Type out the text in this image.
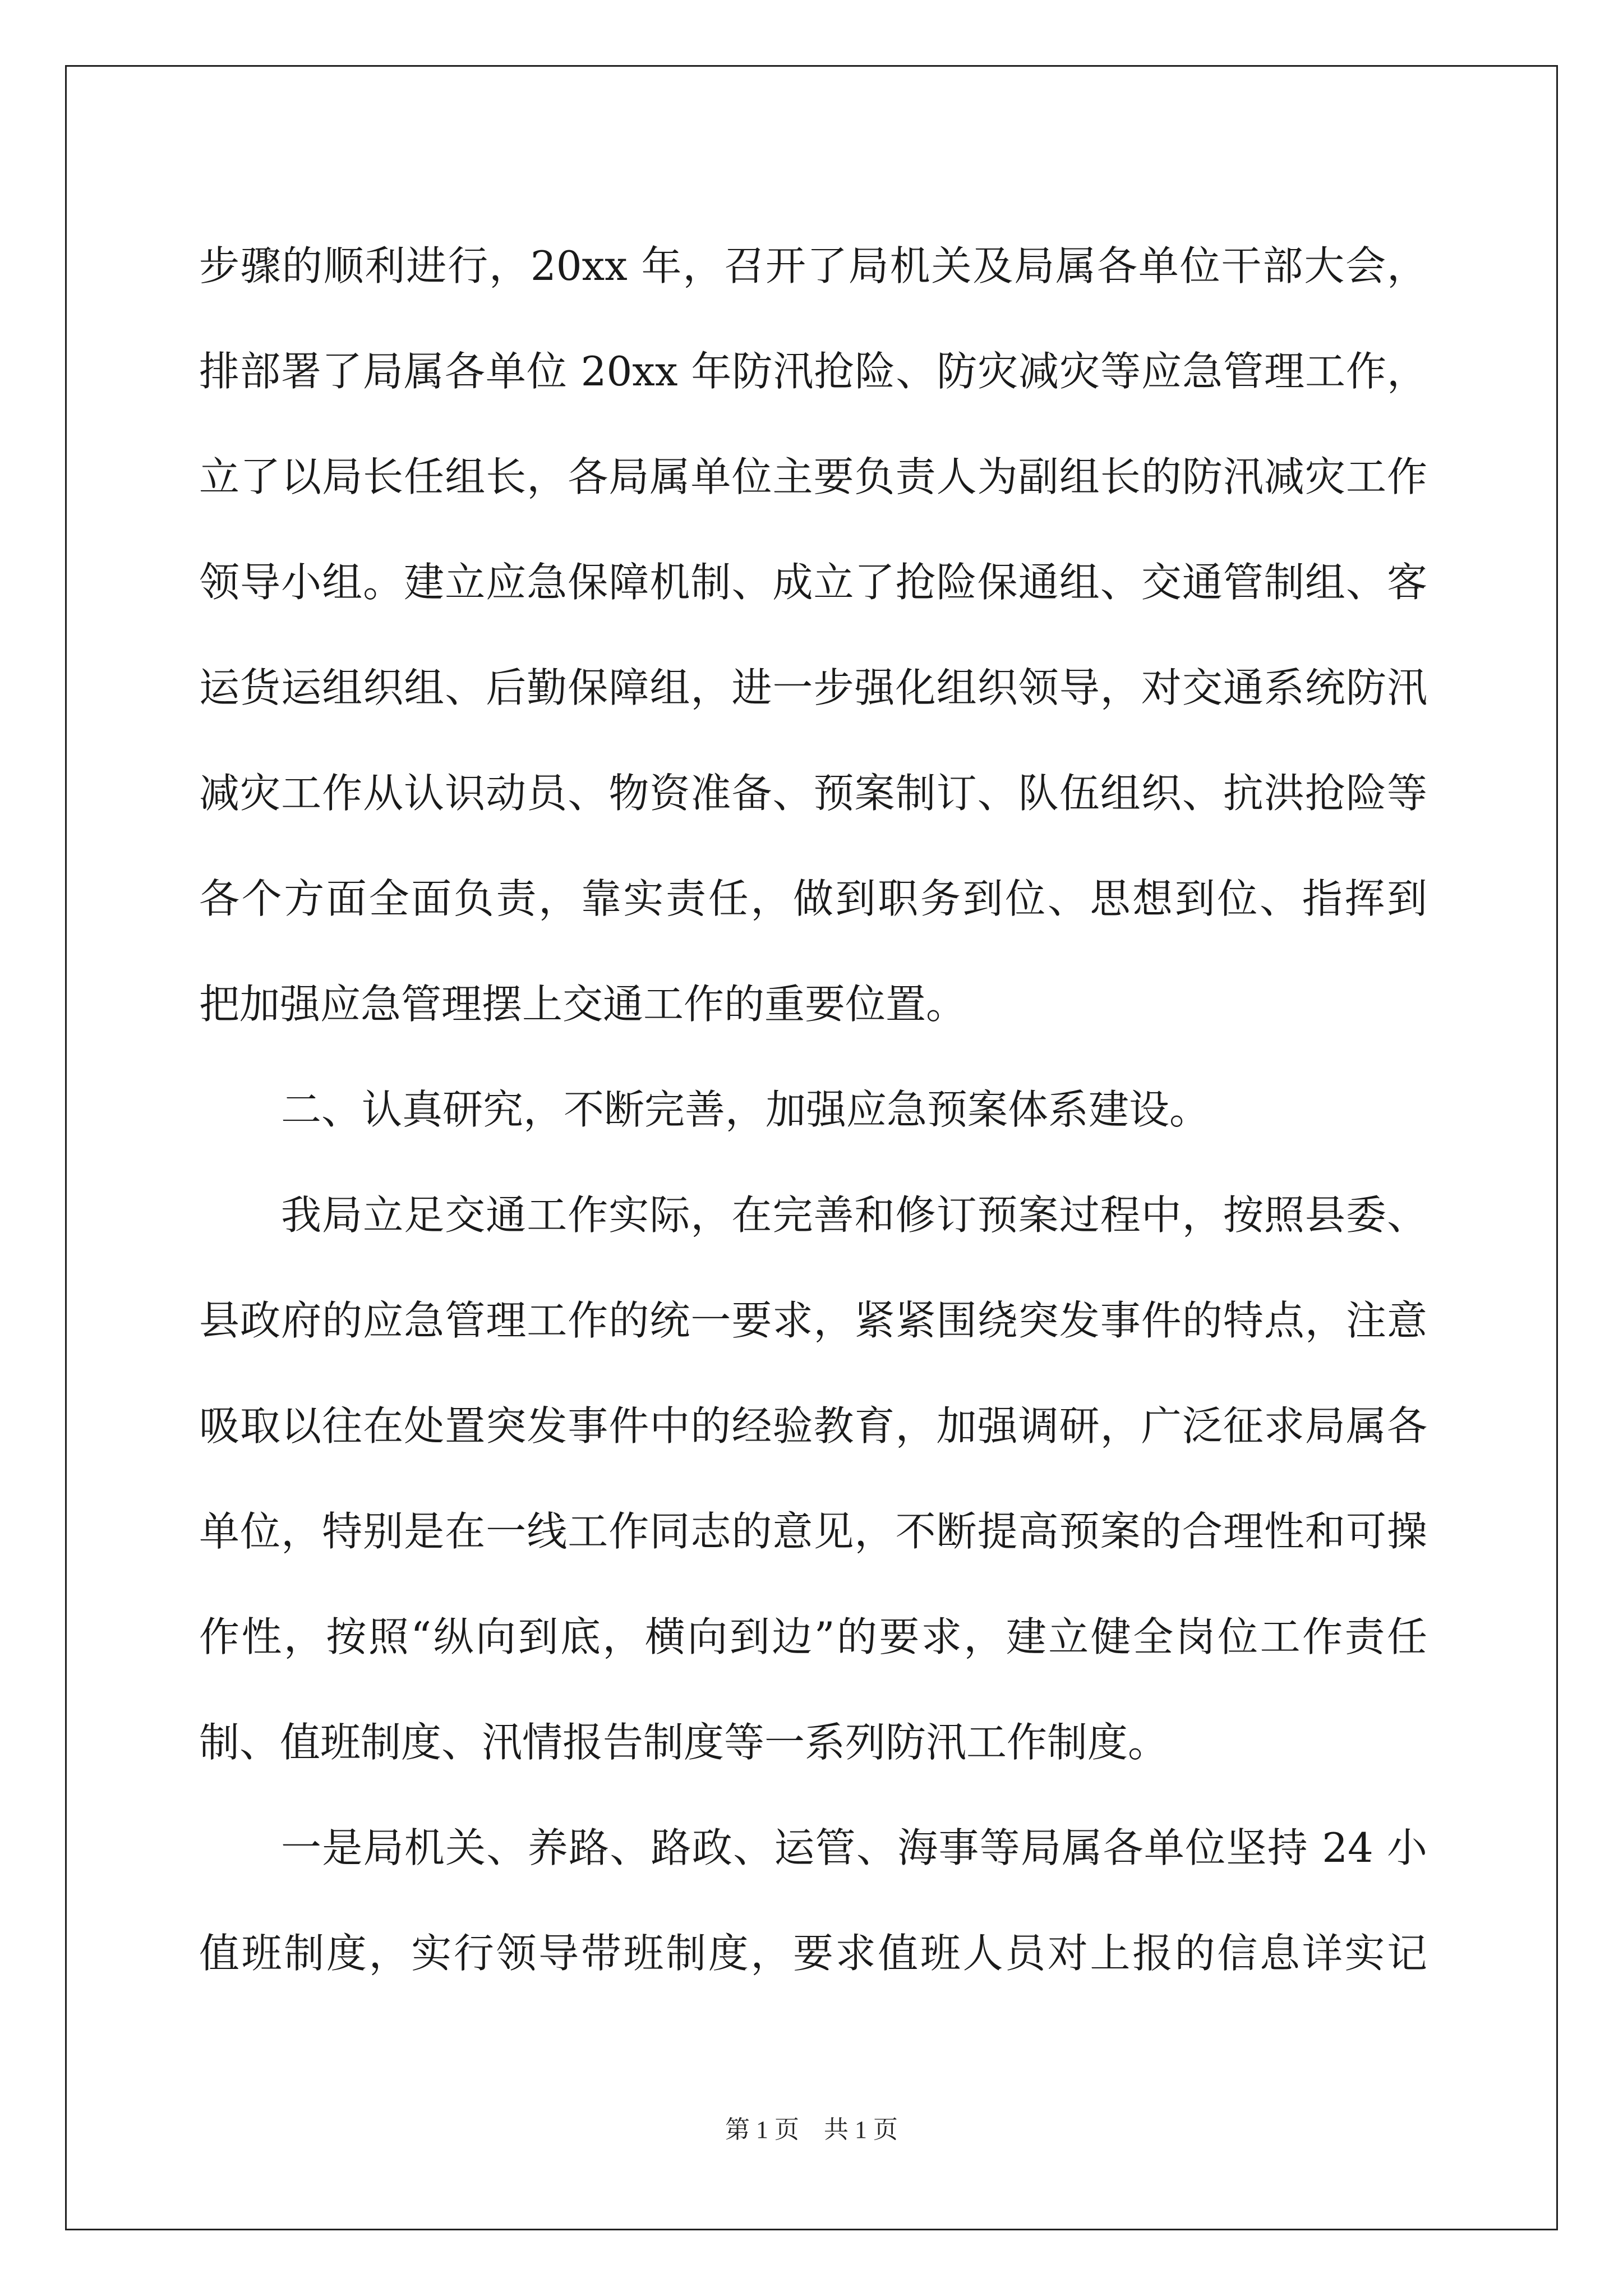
步骤的顺利进行，20xx 年，召开了局机关及局属各单位干部大会，
排部署了局属各单位 20xx 年防汛抢险、防灾减灾等应急管理工作，
立了以局长任组长，各局属单位主要负责人为副组长的防汛减灾工作
领导小组。建立应急保障机制、成立了抢险保通组、交通管制组、客
运货运组织组、后勤保障组，进一步强化组织领导，对交通系统防汛
减灾工作从认识动员、物资准备、预案制订、队伍组织、抗洪抢险等
各个方面全面负责，靠实责任，做到职务到位、思想到位、指挥到
把加强应急管理摆上交通工作的重要位置。
二、认真研究，不断完善，加强应急预案体系建设。
我局立足交通工作实际，在完善和修订预案过程中，按照县委、
县政府的应急管理工作的统一要求，紧紧围绕突发事件的特点，注意
吸取以往在处置突发事件中的经验教育，加强调研，广泛征求局属各
单位，特别是在一线工作同志的意见，不断提高预案的合理性和可操
作性，按照“纵向到底，横向到边”的要求，建立健全岗位工作责任
制、值班制度、汛情报告制度等一系列防汛工作制度。
一是局机关、养路、路政、运管、海事等局属各单位坚持 24 小
值班制度，实行领导带班制度，要求值班人员对上报的信息详实记
第 1 页　共 1 页
